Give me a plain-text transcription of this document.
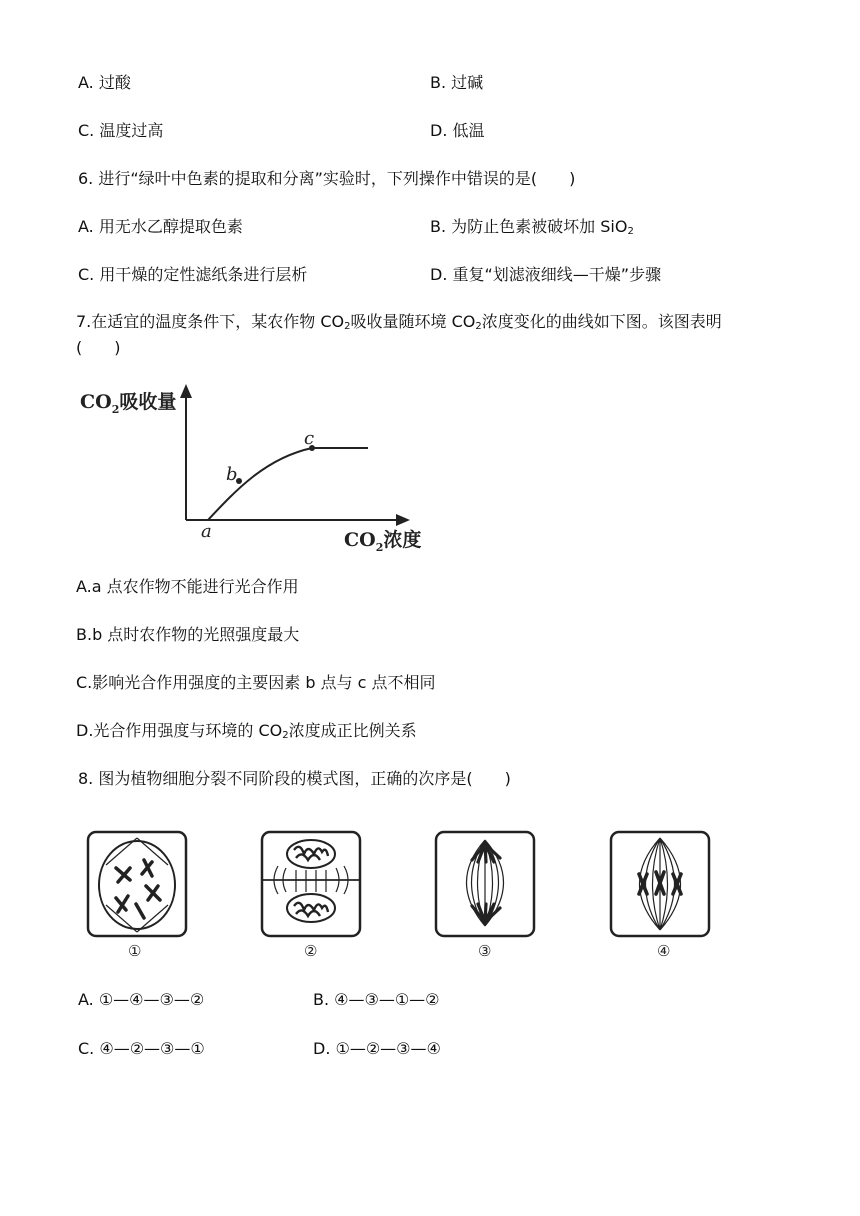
A. 过酸	B. 过碱
C. 温度过高	D. 低温
6. 进行“绿叶中色素的提取和分离”实验时，下列操作中错误的是(　　)
A. 用无水乙醇提取色素	B. 为防止色素被破坏加 SiO$_2$
C. 用干燥的定性滤纸条进行层析	D. 重复“划滤液细线—干燥”步骤
7.在适宜的温度条件下，某农作物 $CO_2$吸收量随环境 $CO_2$浓度变化的曲线如下图。该图表明
(　　)
$CO_2$吸收量
$CO_2$浓度
a
b
c
A.a 点农作物不能进行光合作用
B.b 点时农作物的光照强度最大
C.影响光合作用强度的主要因素 b 点与 c 点不相同
D.光合作用强度与环境的 $CO_2$浓度成正比例关系
8. 图为植物细胞分裂不同阶段的模式图，正确的次序是(　　)
①	②	③	④
A. ①—④—③—②	B. ④—③—①—②
C. ④—②—③—①	D. ①—②—③—④
